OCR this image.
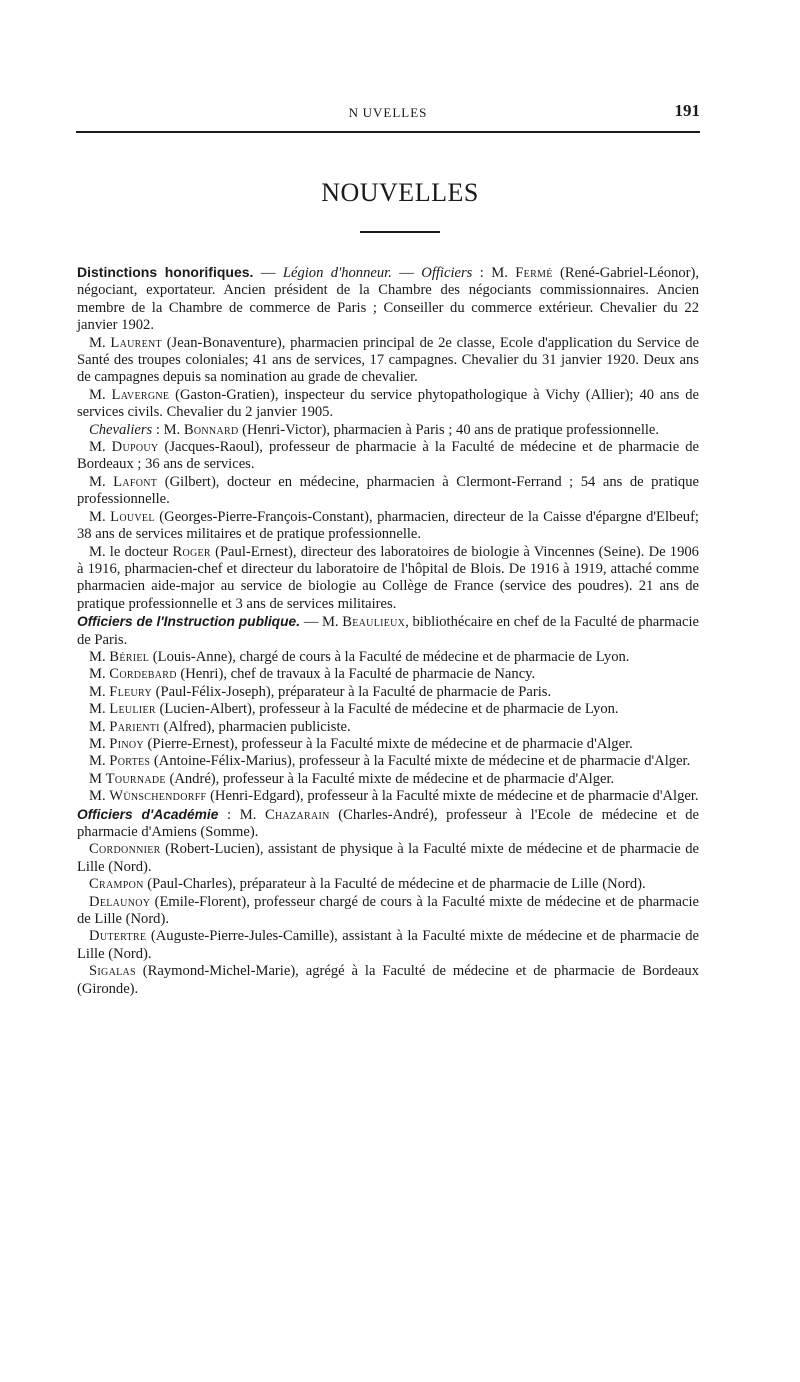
N UVELLES	191
NOUVELLES

Distinctions honorifiques. — Légion d'honneur. — Officiers : M. Fermé (René-Gabriel-Léonor), négociant, exportateur. Ancien président de la Chambre des négociants commissionnaires. Ancien membre de la Chambre de commerce de Paris ; Conseiller du commerce extérieur. Chevalier du 22 janvier 1902.

M. Laurent (Jean-Bonaventure), pharmacien principal de 2e classe, Ecole d'application du Service de Santé des troupes coloniales; 41 ans de services, 17 campagnes. Chevalier du 31 janvier 1920. Deux ans de campagnes depuis sa nomination au grade de chevalier.

M. Lavergne (Gaston-Gratien), inspecteur du service phytopathologique à Vichy (Allier); 40 ans de services civils. Chevalier du 2 janvier 1905.

Chevaliers : M. Bonnard (Henri-Victor), pharmacien à Paris ; 40 ans de pratique professionnelle.

M. Dupouy (Jacques-Raoul), professeur de pharmacie à la Faculté de médecine et de pharmacie de Bordeaux ; 36 ans de services.

M. Lafont (Gilbert), docteur en médecine, pharmacien à Clermont-Ferrand ; 54 ans de pratique professionnelle.

M. Louvel (Georges-Pierre-François-Constant), pharmacien, directeur de la Caisse d'épargne d'Elbeuf; 38 ans de services militaires et de pratique professionnelle.

M. le docteur Roger (Paul-Ernest), directeur des laboratoires de biologie à Vincennes (Seine). De 1906 à 1916, pharmacien-chef et directeur du laboratoire de l'hôpital de Blois. De 1916 à 1919, attaché comme pharmacien aide-major au service de biologie au Collège de France (service des poudres). 21 ans de pratique professionnelle et 3 ans de services militaires.

Officiers de l'Instruction publique. — M. Beaulieux, bibliothécaire en chef de la Faculté de pharmacie de Paris.

M. Bériel (Louis-Anne), chargé de cours à la Faculté de médecine et de pharmacie de Lyon.

M. Cordebard (Henri), chef de travaux à la Faculté de pharmacie de Nancy.

M. Fleury (Paul-Félix-Joseph), préparateur à la Faculté de pharmacie de Paris.

M. Leulier (Lucien-Albert), professeur à la Faculté de médecine et de pharmacie de Lyon.

M. Parienti (Alfred), pharmacien publiciste.

M. Pinoy (Pierre-Ernest), professeur à la Faculté mixte de médecine et de pharmacie d'Alger.

M. Portes (Antoine-Félix-Marius), professeur à la Faculté mixte de médecine et de pharmacie d'Alger.

M Tournade (André), professeur à la Faculté mixte de médecine et de pharmacie d'Alger.

M. Wünschendorff (Henri-Edgard), professeur à la Faculté mixte de médecine et de pharmacie d'Alger.

Officiers d'Académie : M. Chazarain (Charles-André), professeur à l'Ecole de médecine et de pharmacie d'Amiens (Somme).

Cordonnier (Robert-Lucien), assistant de physique à la Faculté mixte de médecine et de pharmacie de Lille (Nord).

Crampon (Paul-Charles), préparateur à la Faculté de médecine et de pharmacie de Lille (Nord).

Delaunoy (Emile-Florent), professeur chargé de cours à la Faculté mixte de médecine et de pharmacie de Lille (Nord).

Dutertre (Auguste-Pierre-Jules-Camille), assistant à la Faculté mixte de médecine et de pharmacie de Lille (Nord).

Sigalas (Raymond-Michel-Marie), agrégé à la Faculté de médecine et de pharmacie de Bordeaux (Gironde).
